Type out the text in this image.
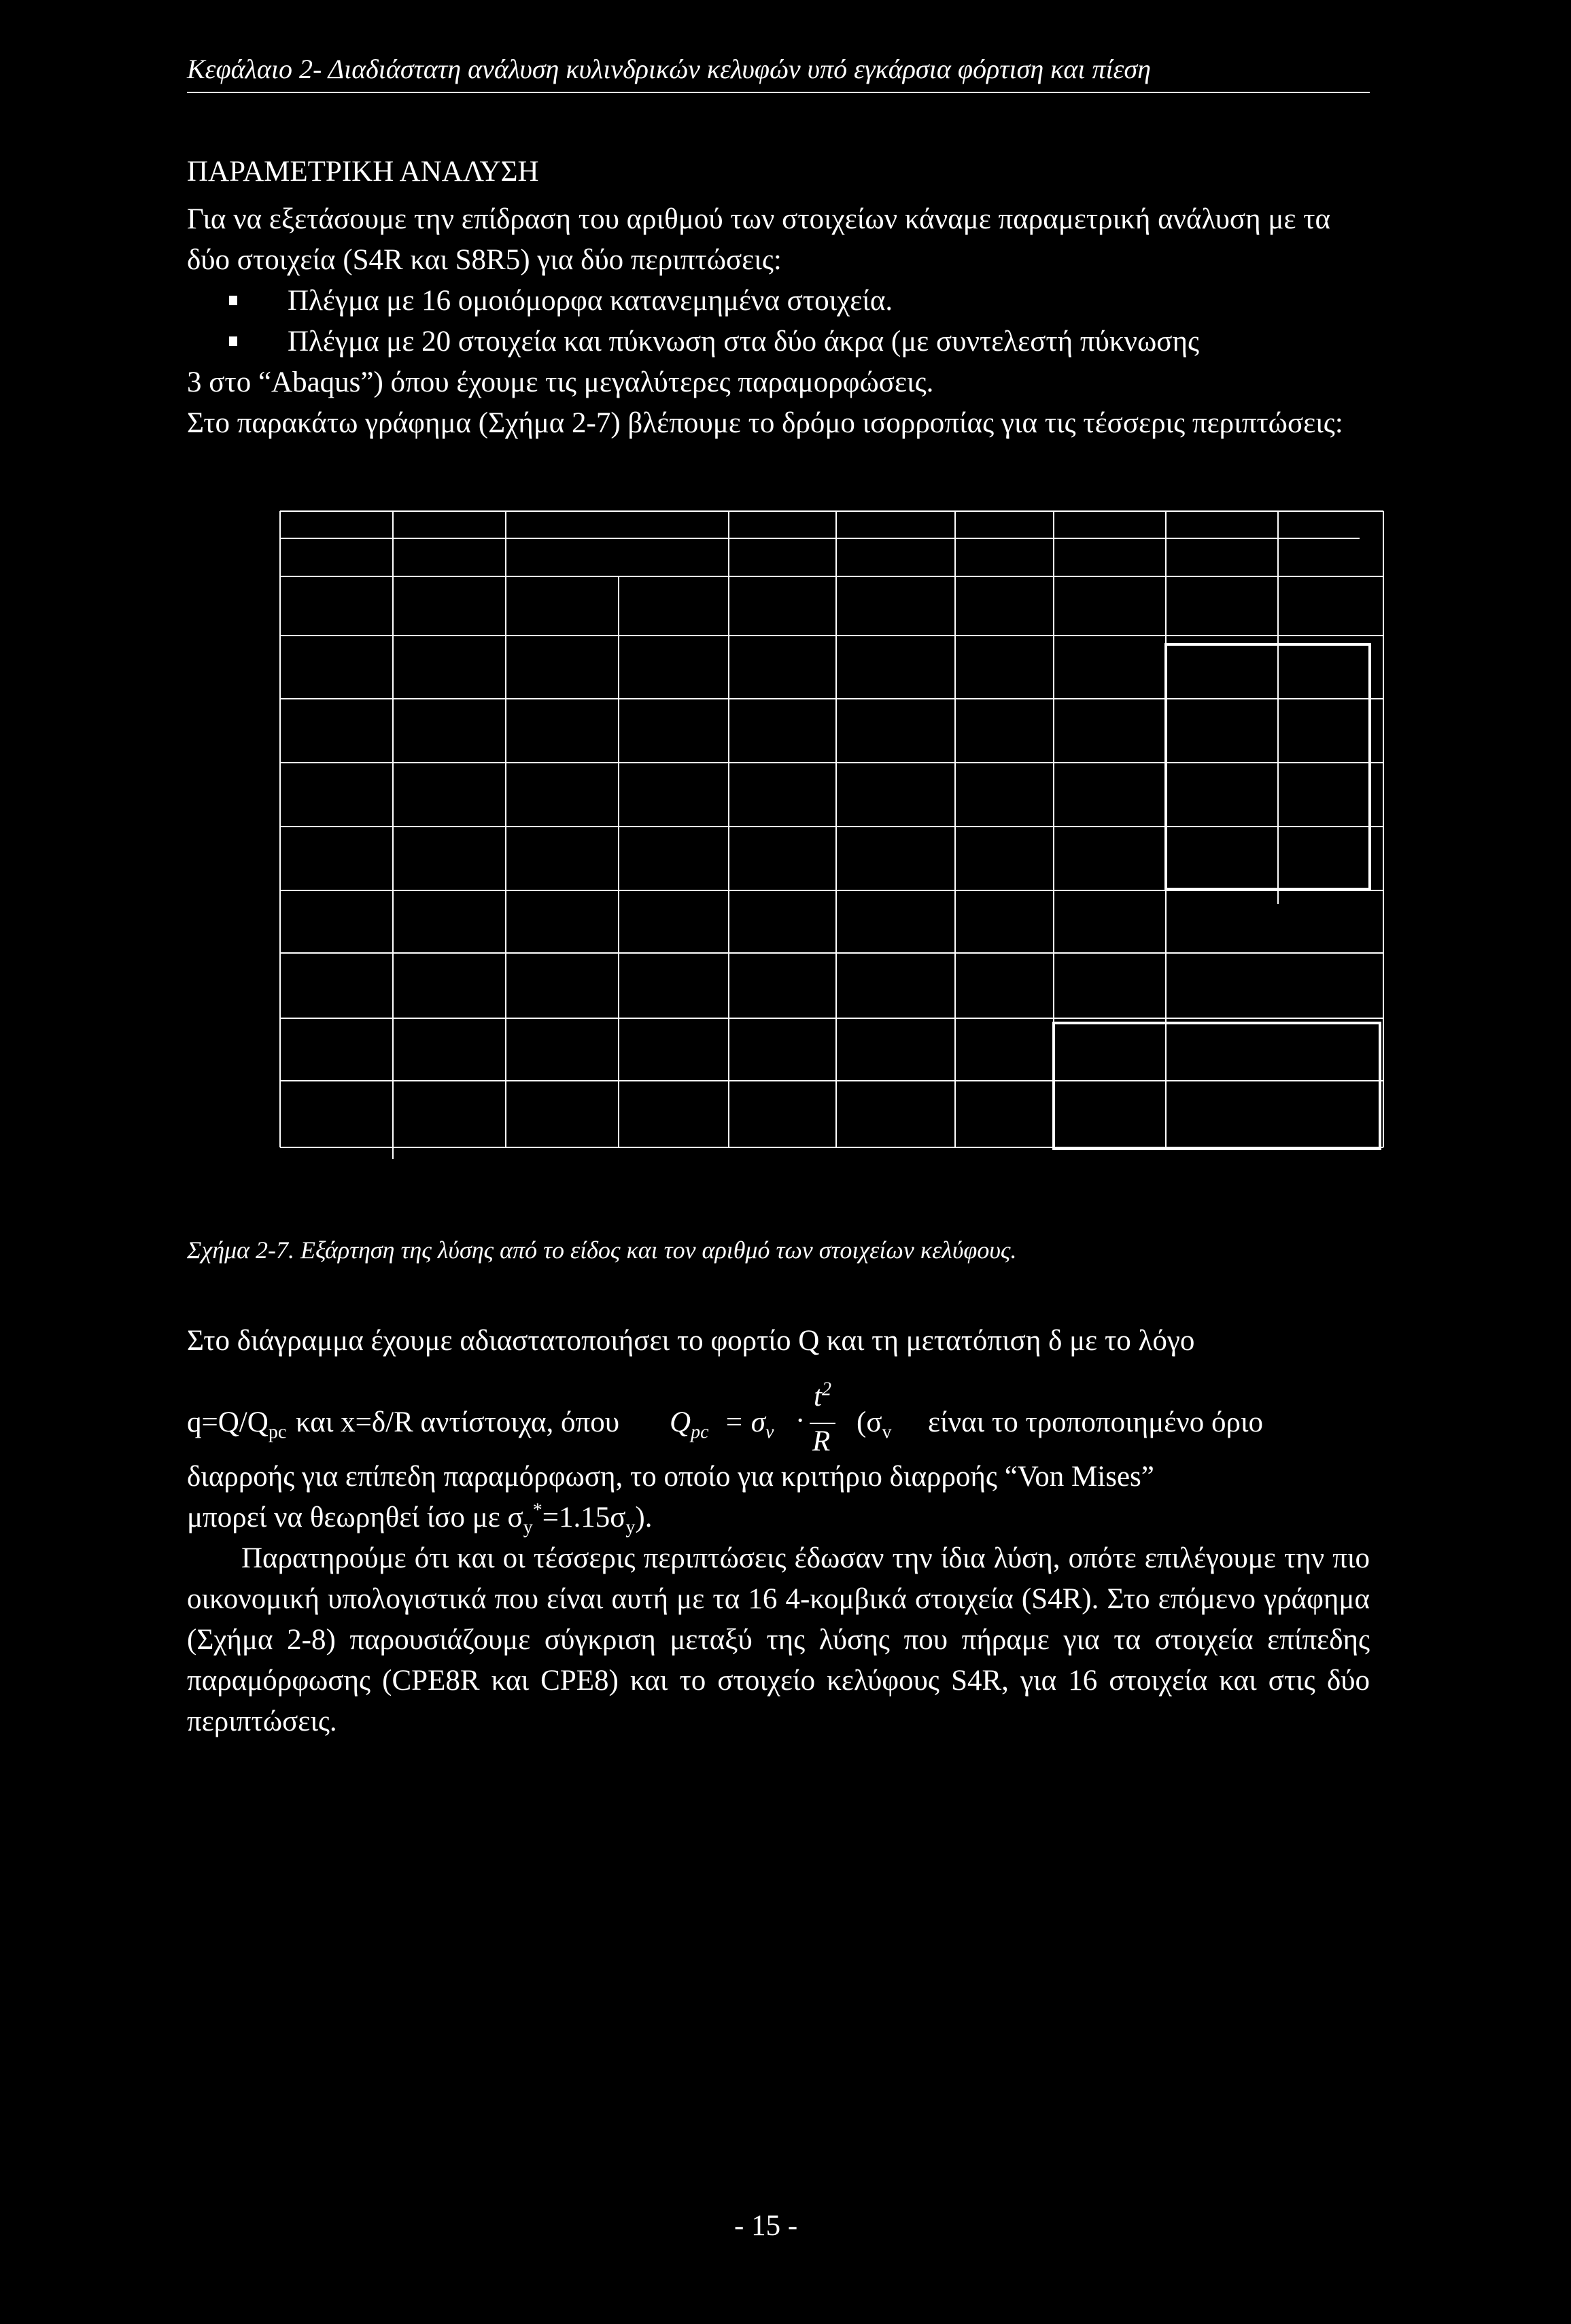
Κεφάλαιο 2- Διαδιάστατη ανάλυση κυλινδρικών κελυφών υπό εγκάρσια φόρτιση και πίεση
ΠΑΡΑΜΕΤΡΙΚΗ ΑΝΑΛΥΣΗ
Για να εξετάσουμε την επίδραση του αριθμού των στοιχείων κάναμε παραμετρική ανάλυση με τα δύο στοιχεία (S4R και S8R5) για δύο περιπτώσεις:
Πλέγμα με 16 ομοιόμορφα κατανεμημένα στοιχεία.
Πλέγμα με 20 στοιχεία και πύκνωση στα δύο άκρα (με συντελεστή πύκνωσης
3 στο “Abaqus”) όπου έχουμε τις μεγαλύτερες παραμορφώσεις.
Στο παρακάτω γράφημα (Σχήμα 2-7) βλέπουμε το δρόμο ισορροπίας για τις τέσσερις περιπτώσεις:
Σχήμα 2-7. Εξάρτηση της λύσης από το είδος και τον αριθμό των στοιχείων κελύφους.
Στο διάγραμμα έχουμε αδιαστατοποιήσει το φορτίο Q και τη μετατόπιση δ με το λόγο
$q=Q/Q_{pc}$ και x=δ/R αντίστοιχα, όπου $Q_{pc} = \sigma_v$ ·
$t^2$
R
($\sigma_v$ είναι το τροποποιημένο όριο
διαρροής για επίπεδη παραμόρφωση, το οποίο για κριτήριο διαρροής “Von Mises”
μπορεί να θεωρηθεί ίσο με $\sigma_y^*=1.15\sigma_y$).
Παρατηρούμε ότι και οι τέσσερις περιπτώσεις έδωσαν την ίδια λύση, οπότε επιλέγουμε την πιο οικονομική υπολογιστικά που είναι αυτή με τα 16 4-κομβικά στοιχεία (S4R). Στο επόμενο γράφημα (Σχήμα 2-8) παρουσιάζουμε σύγκριση μεταξύ της λύσης που πήραμε για τα στοιχεία επίπεδης παραμόρφωσης (CPE8R και CPE8) και το στοιχείο κελύφους S4R, για 16 στοιχεία και στις δύο περιπτώσεις.
- 15 -
